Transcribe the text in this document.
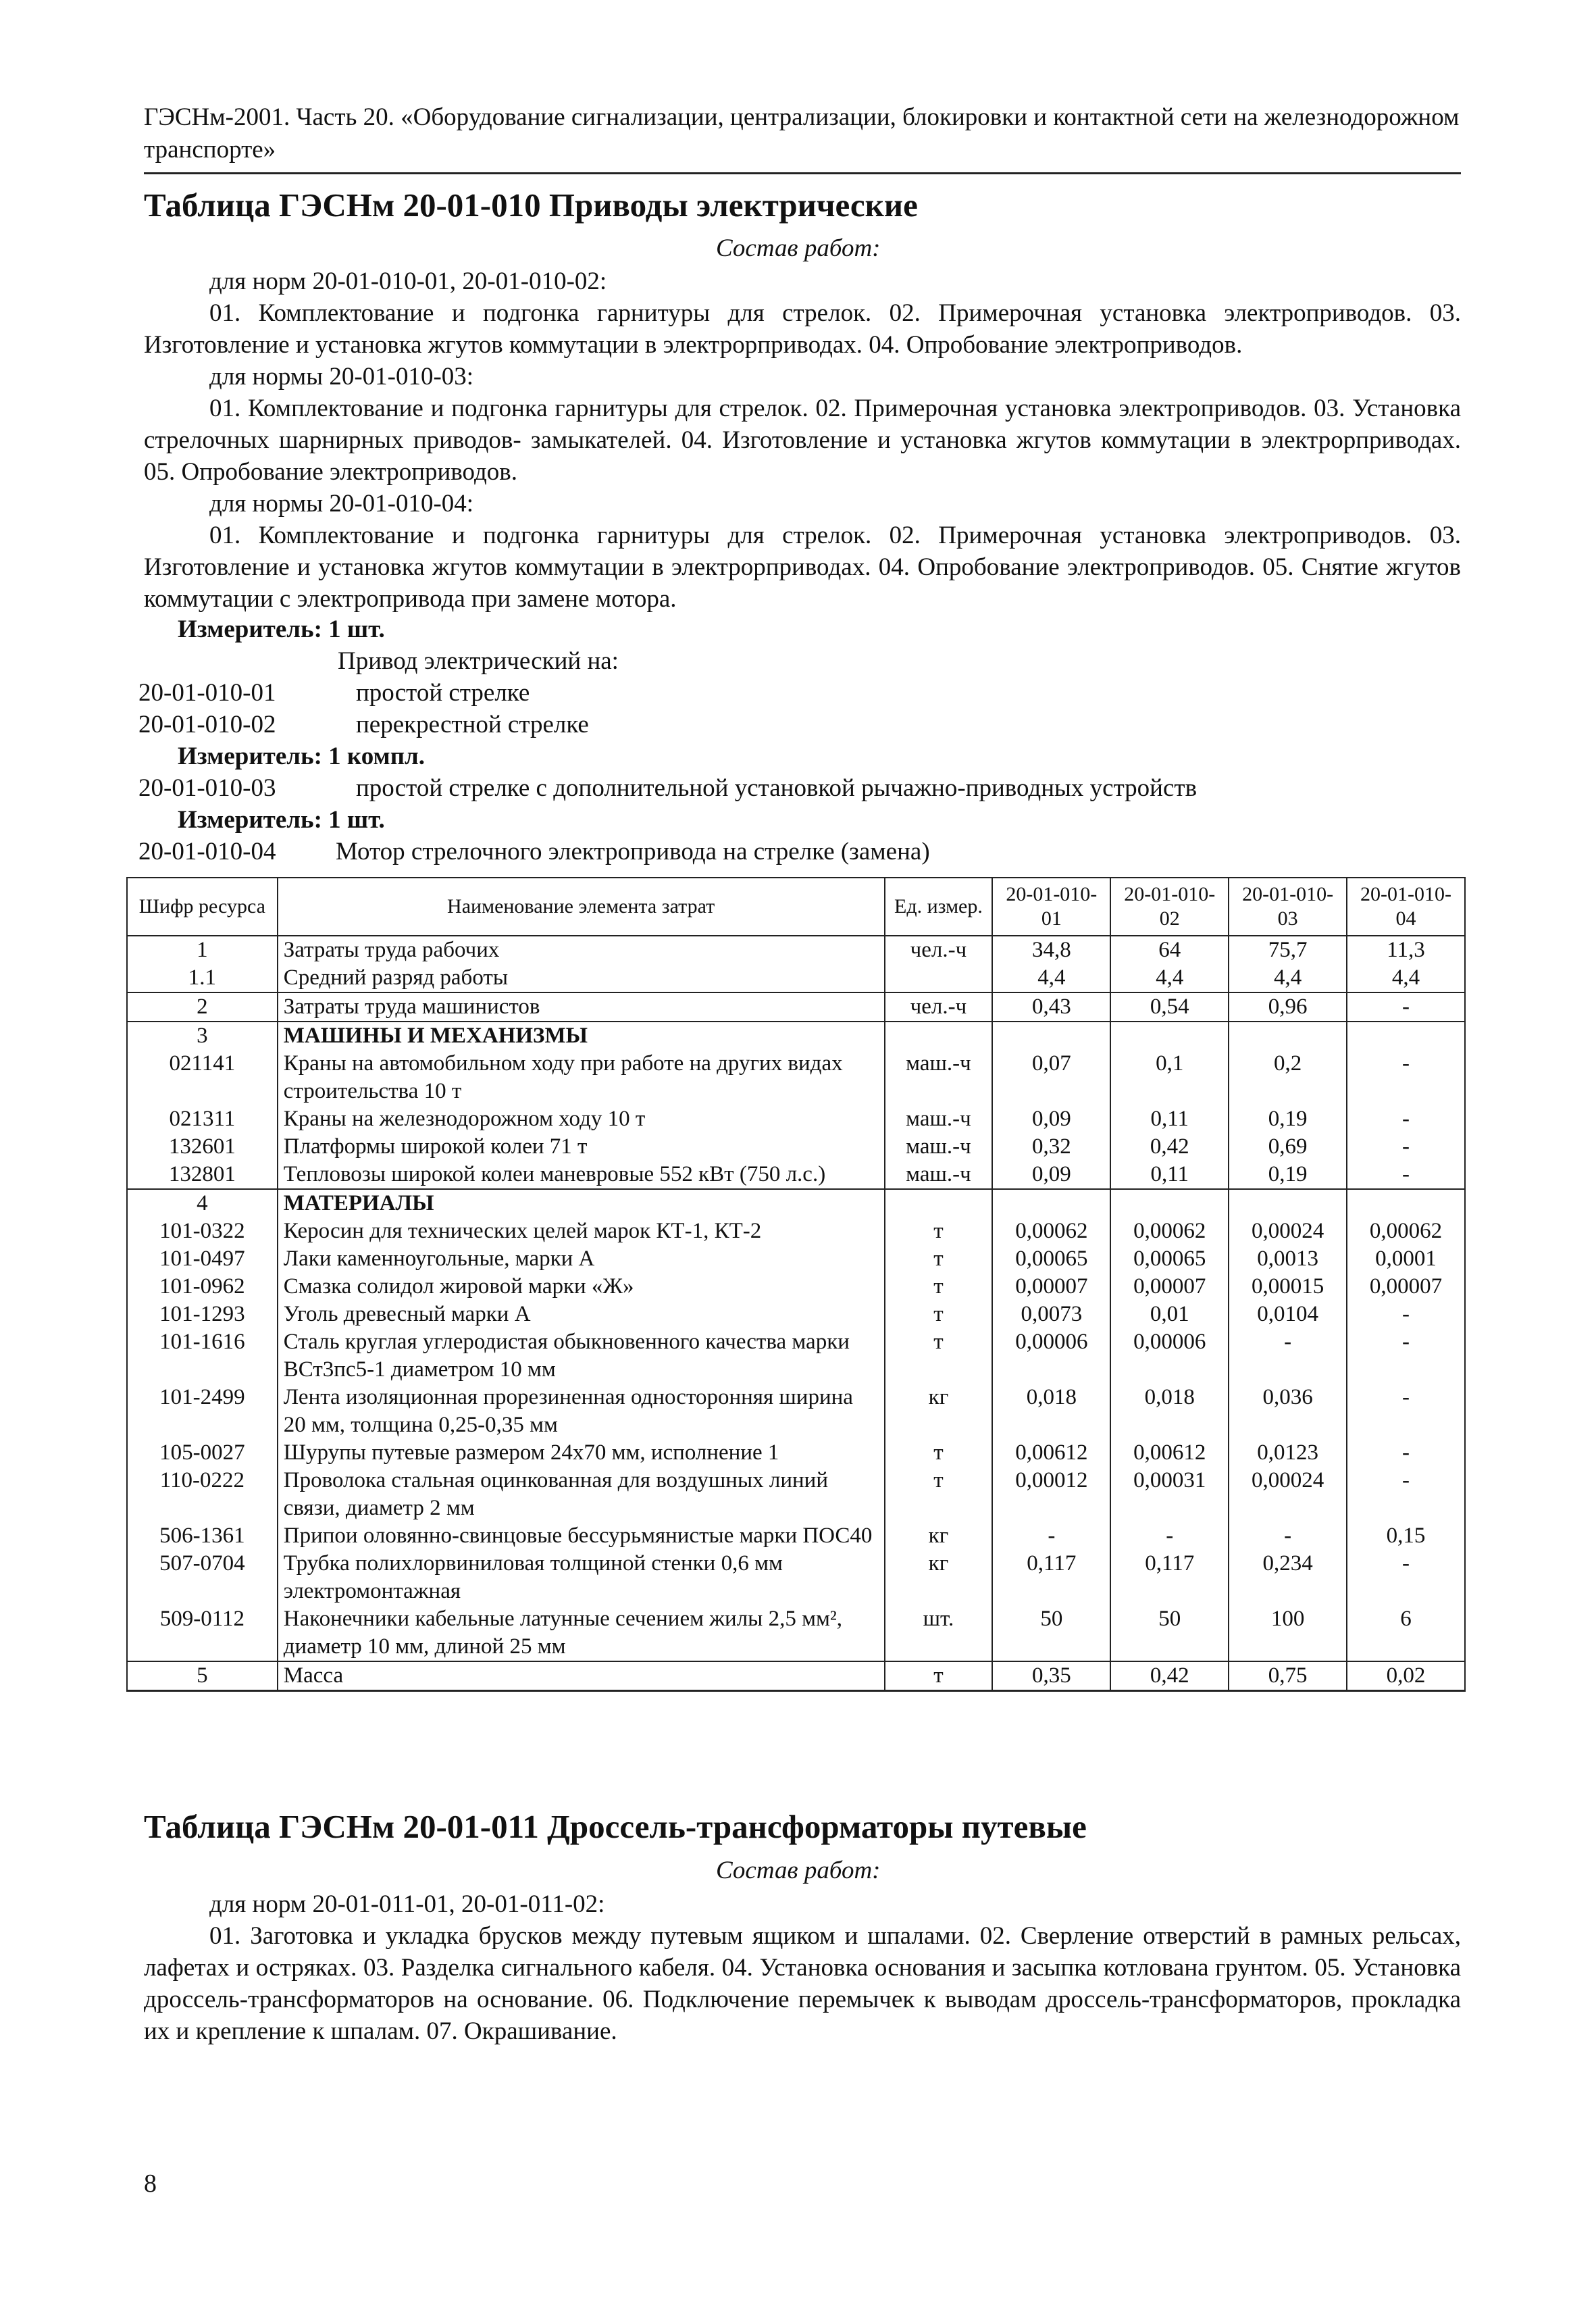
ГЭСНм-2001. Часть 20. «Оборудование сигнализации, централизации, блокировки и контактной сети на железнодорожном транспорте»
Таблица ГЭСНм 20-01-010 Приводы электрические
Состав работ:
для норм 20-01-010-01, 20-01-010-02:
01. Комплектование и подгонка гарнитуры для стрелок. 02. Примерочная установка электроприводов. 03. Изготовление и установка жгутов коммутации в электрорприводах. 04. Опробование электроприводов.
для нормы 20-01-010-03:
01. Комплектование и подгонка гарнитуры для стрелок. 02. Примерочная установка электроприводов. 03. Установка стрелочных шарнирных приводов- замыкателей. 04. Изготовление и установка жгутов коммутации в электрорприводах. 05. Опробование электроприводов.
для нормы 20-01-010-04:
01. Комплектование и подгонка гарнитуры для стрелок. 02. Примерочная установка электроприводов. 03. Изготовление и установка жгутов коммутации в электрорприводах. 04. Опробование электроприводов. 05. Снятие жгутов коммутации с электропривода при замене мотора.
Измеритель: 1 шт.
Привод электрический на:
20-01-010-01	простой стрелке
20-01-010-02	перекрестной стрелке
Измеритель: 1 компл.
20-01-010-03	простой стрелке с дополнительной установкой рычажно-приводных устройств
Измеритель: 1 шт.
20-01-010-04 Мотор стрелочного электропривода на стрелке (замена)
Шифр ресурса	Наименование элемента затрат	Ед. измер.	20-01-010-01	20-01-010-02	20-01-010-03	20-01-010-04
1	Затраты труда рабочих	чел.-ч	34,8	64	75,7	11,3
1.1	Средний разряд работы		4,4	4,4	4,4	4,4
2	Затраты труда машинистов	чел.-ч	0,43	0,54	0,96	-
3	МАШИНЫ И МЕХАНИЗМЫ					
021141	Краны на автомобильном ходу при работе на других видах строительства 10 т	маш.-ч	0,07	0,1	0,2	-
021311	Краны на железнодорожном ходу 10 т	маш.-ч	0,09	0,11	0,19	-
132601	Платформы широкой колеи 71 т	маш.-ч	0,32	0,42	0,69	-
132801	Тепловозы широкой колеи маневровые 552 кВт (750 л.с.)	маш.-ч	0,09	0,11	0,19	-
4	МАТЕРИАЛЫ					
101-0322	Керосин для технических целей марок КТ-1, КТ-2	т	0,00062	0,00062	0,00024	0,00062
101-0497	Лаки каменноугольные, марки А	т	0,00065	0,00065	0,0013	0,0001
101-0962	Смазка солидол жировой марки «Ж»	т	0,00007	0,00007	0,00015	0,00007
101-1293	Уголь древесный марки А	т	0,0073	0,01	0,0104	-
101-1616	Сталь круглая углеродистая обыкновенного качества марки ВСт3пс5-1 диаметром 10 мм	т	0,00006	0,00006	-	-
101-2499	Лента изоляционная прорезиненная односторонняя ширина 20 мм, толщина 0,25-0,35 мм	кг	0,018	0,018	0,036	-
105-0027	Шурупы путевые размером 24х70 мм, исполнение 1	т	0,00612	0,00612	0,0123	-
110-0222	Проволока стальная оцинкованная для воздушных линий связи, диаметр 2 мм	т	0,00012	0,00031	0,00024	-
506-1361	Припои оловянно-свинцовые бессурьмянистые марки ПОС40	кг	-	-	-	0,15
507-0704	Трубка полихлорвиниловая толщиной стенки 0,6 мм электромонтажная	кг	0,117	0,117	0,234	-
509-0112	Наконечники кабельные латунные сечением жилы 2,5 мм², диаметр 10 мм, длиной 25 мм	шт.	50	50	100	6
5	Масса	т	0,35	0,42	0,75	0,02
Таблица ГЭСНм 20-01-011 Дроссель-трансформаторы путевые
Состав работ:
для норм 20-01-011-01, 20-01-011-02:
01. Заготовка и укладка брусков между путевым ящиком и шпалами. 02. Сверление отверстий в рамных рельсах, лафетах и остряках. 03. Разделка сигнального кабеля. 04. Установка основания и засыпка котлована грунтом. 05. Установка дроссель-трансформаторов на основание. 06. Подключение перемычек к выводам дроссель-трансформаторов, прокладка их и крепление к шпалам. 07. Окрашивание.
8
